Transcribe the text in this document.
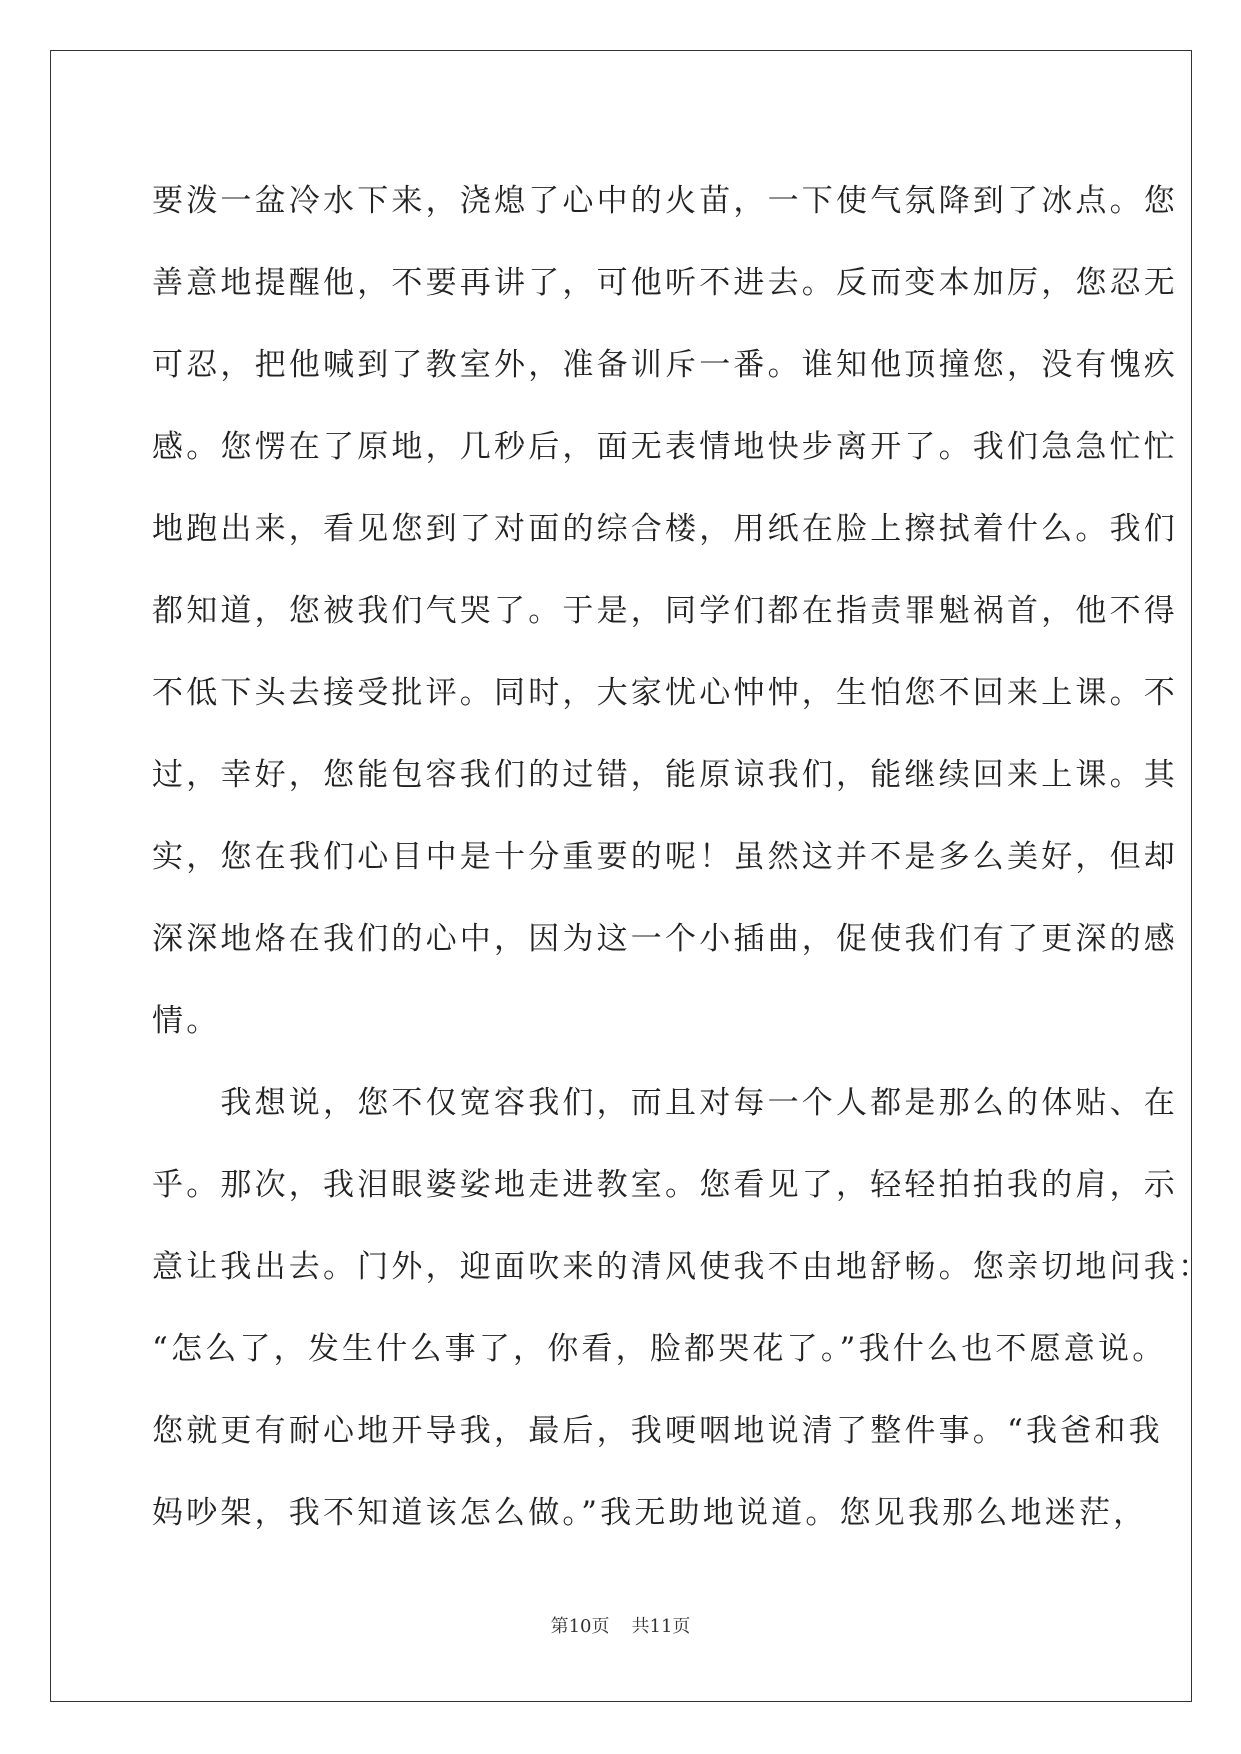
要泼一盆冷水下来，浇熄了心中的火苗，一下使气氛降到了冰点。您
善意地提醒他，不要再讲了，可他听不进去。反而变本加厉，您忍无
可忍，把他喊到了教室外，准备训斥一番。谁知他顶撞您，没有愧疚
感。您愣在了原地，几秒后，面无表情地快步离开了。我们急急忙忙
地跑出来，看见您到了对面的综合楼，用纸在脸上擦拭着什么。我们
都知道，您被我们气哭了。于是，同学们都在指责罪魁祸首，他不得
不低下头去接受批评。同时，大家忧心忡忡，生怕您不回来上课。不
过，幸好，您能包容我们的过错，能原谅我们，能继续回来上课。其
实，您在我们心目中是十分重要的呢！虽然这并不是多么美好，但却
深深地烙在我们的心中，因为这一个小插曲，促使我们有了更深的感
情。
　　我想说，您不仅宽容我们，而且对每一个人都是那么的体贴、在
乎。那次，我泪眼婆娑地走进教室。您看见了，轻轻拍拍我的肩，示
意让我出去。门外，迎面吹来的清风使我不由地舒畅。您亲切地问我：
“怎么了，发生什么事了，你看，脸都哭花了。”我什么也不愿意说。
您就更有耐心地开导我，最后，我哽咽地说清了整件事。“我爸和我
妈吵架，我不知道该怎么做。”我无助地说道。您见我那么地迷茫，
第10页 共11页
